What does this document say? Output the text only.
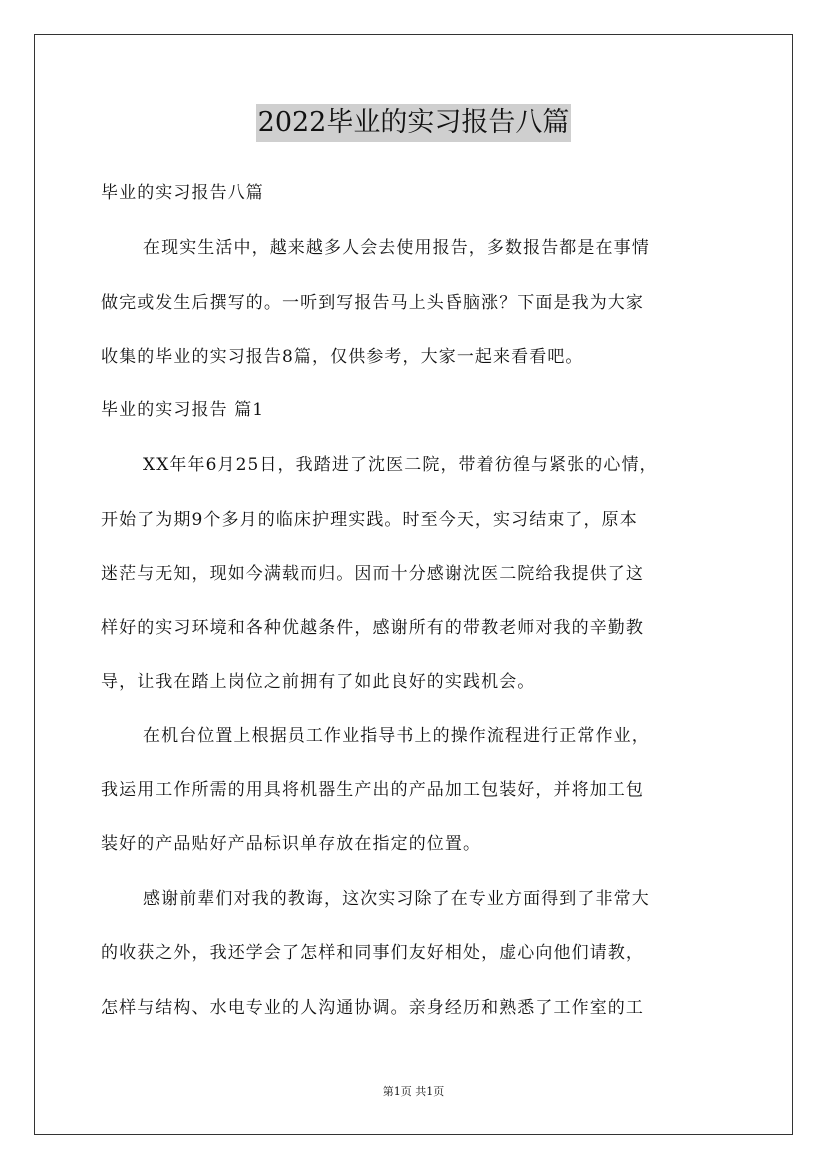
2022毕业的实习报告八篇
毕业的实习报告八篇
在现实生活中，越来越多人会去使用报告，多数报告都是在事情
做完或发生后撰写的。一听到写报告马上头昏脑涨？下面是我为大家
收集的毕业的实习报告8篇，仅供参考，大家一起来看看吧。
毕业的实习报告 篇1
XX年年6月25日，我踏进了沈医二院，带着彷徨与紧张的心情，
开始了为期9个多月的临床护理实践。时至今天，实习结束了，原本
迷茫与无知，现如今满载而归。因而十分感谢沈医二院给我提供了这
样好的实习环境和各种优越条件，感谢所有的带教老师对我的辛勤教
导，让我在踏上岗位之前拥有了如此良好的实践机会。
在机台位置上根据员工作业指导书上的操作流程进行正常作业，
我运用工作所需的用具将机器生产出的产品加工包装好，并将加工包
装好的产品贴好产品标识单存放在指定的位置。
感谢前辈们对我的教诲，这次实习除了在专业方面得到了非常大
的收获之外，我还学会了怎样和同事们友好相处，虚心向他们请教，
怎样与结构、水电专业的人沟通协调。亲身经历和熟悉了工作室的工
第1页 共1页
